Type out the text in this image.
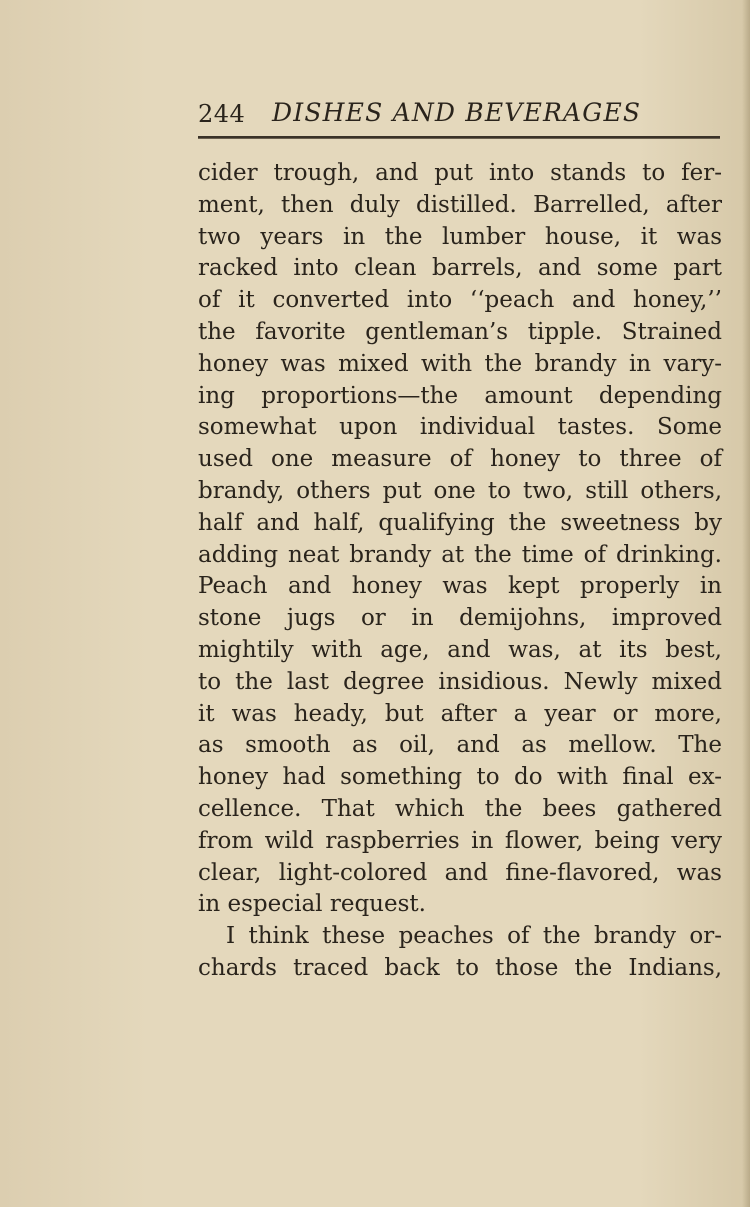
244 DISHES AND BEVERAGES
cider trough, and put into stands to fer-
ment, then duly distilled. Barrelled, after
two years in the lumber house, it was
racked into clean barrels, and some part
of it converted into ‘‘peach and honey,’’
the favorite gentleman’s tipple. Strained
honey was mixed with the brandy in vary-
ing proportions—the amount depending
somewhat upon individual tastes. Some
used one measure of honey to three of
brandy, others put one to two, still others,
half and half, qualifying the sweetness by
adding neat brandy at the time of drinking.
Peach and honey was kept properly in
stone jugs or in demijohns, improved
mightily with age, and was, at its best,
to the last degree insidious. Newly mixed
it was heady, but after a year or more,
as smooth as oil, and as mellow. The
honey had something to do with final ex-
cellence. That which the bees gathered
from wild raspberries in flower, being very
clear, light-colored and fine-flavored, was
in especial request.
I think these peaches of the brandy or-
chards traced back to those the Indians,
